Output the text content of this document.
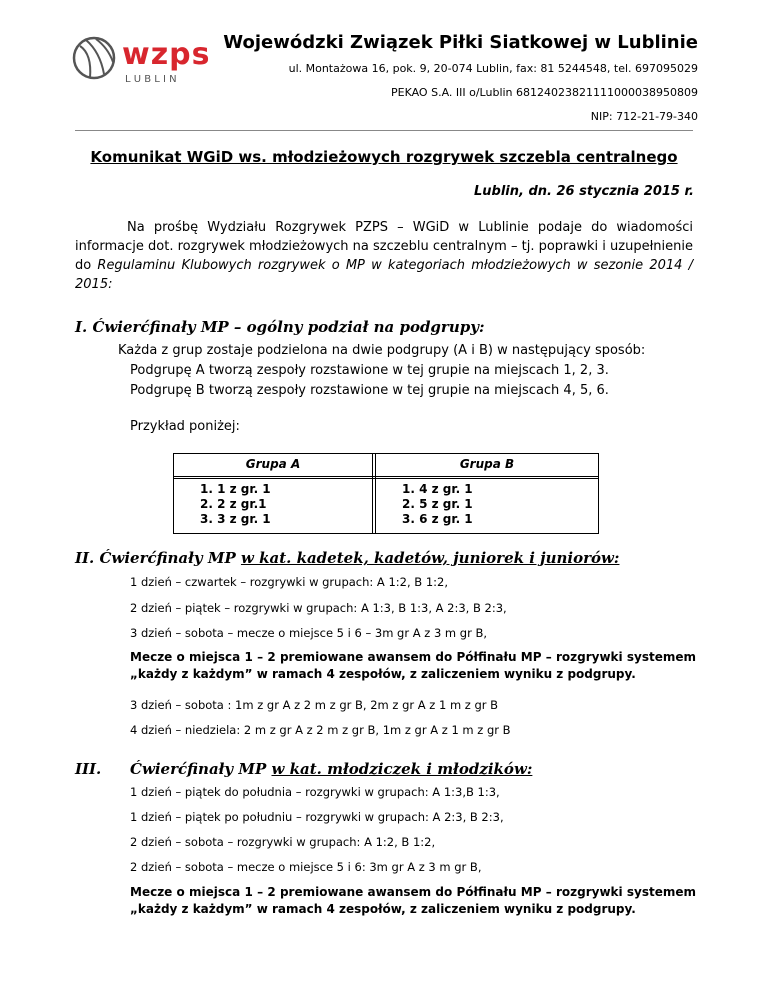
wzps
L U B L I N
Wojewódzki Związek Piłki Siatkowej w Lublinie
ul. Montażowa 16, pok. 9, 20-074 Lublin, fax: 81 5244548, tel. 697095029
PEKAO S.A. III o/Lublin 68124023821111000038950809
NIP: 712-21-79-340
Komunikat WGiD ws. młodzieżowych rozgrywek szczebla centralnego
Lublin, dn. 26 stycznia 2015 r.
Na prośbę Wydziału Rozgrywek PZPS – WGiD w Lublinie podaje do wiadomości informacje dot. rozgrywek młodzieżowych na szczeblu centralnym – tj. poprawki i uzupełnienie do Regulaminu Klubowych rozgrywek o MP w kategoriach młodzieżowych w sezonie 2014 / 2015:
I. Ćwierćfinały MP – ogólny podział na podgrupy:
Każda z grup zostaje podzielona na dwie podgrupy (A i B) w następujący sposób:
Podgrupę A tworzą zespoły rozstawione w tej grupie na miejscach 1, 2, 3.
Podgrupę B tworzą zespoły rozstawione w tej grupie na miejscach 4, 5, 6.
Przykład poniżej:
Grupa A	Grupa B
1. 1 z gr. 1
2. 2 z gr.1
3. 3 z gr. 1
1. 4 z gr. 1
2. 5 z gr. 1
3. 6 z gr. 1
II. Ćwierćfinały MP w kat. kadetek, kadetów, juniorek i juniorów:
1 dzień – czwartek – rozgrywki w grupach: A 1:2, B 1:2,
2 dzień – piątek – rozgrywki w grupach: A 1:3, B 1:3, A 2:3, B 2:3,
3 dzień – sobota – mecze o miejsce 5 i 6 – 3m gr A z 3 m gr B,
Mecze o miejsca 1 – 2 premiowane awansem do Półfinału MP – rozgrywki systemem „każdy z każdym” w ramach 4 zespołów, z zaliczeniem wyniku z podgrupy.
3 dzień – sobota : 1m z gr A z 2 m z gr B, 2m z gr A z 1 m z gr B
4 dzień – niedziela: 2 m z gr A z 2 m z gr B, 1m z gr A z 1 m z gr B
III. Ćwierćfinały MP w kat. młodziczek i młodzików:
1 dzień – piątek do południa – rozgrywki w grupach: A 1:3,B 1:3,
1 dzień – piątek po południu – rozgrywki w grupach: A 2:3, B 2:3,
2 dzień – sobota – rozgrywki w grupach: A 1:2, B 1:2,
2 dzień – sobota – mecze o miejsce 5 i 6: 3m gr A z 3 m gr B,
Mecze o miejsca 1 – 2 premiowane awansem do Półfinału MP – rozgrywki systemem „każdy z każdym” w ramach 4 zespołów, z zaliczeniem wyniku z podgrupy.
